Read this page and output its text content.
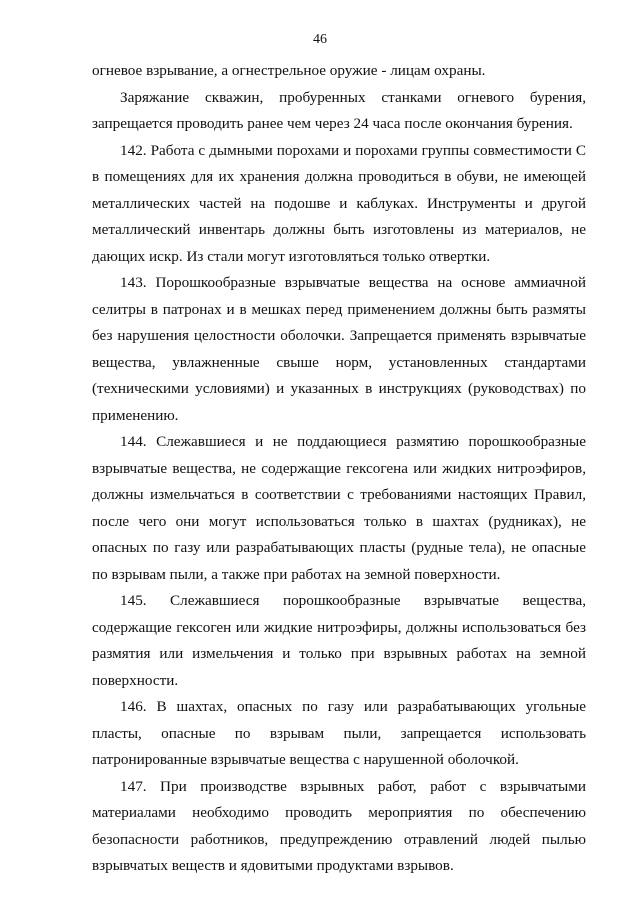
46

огневое взрывание, а огнестрельное оружие - лицам охраны.

Заряжание скважин, пробуренных станками огневого бурения, запрещается проводить ранее чем через 24 часа после окончания бурения.

142. Работа с дымными порохами и порохами группы совместимости С в помещениях для их хранения должна проводиться в обуви, не имеющей металлических частей на подошве и каблуках. Инструменты и другой металлический инвентарь должны быть изготовлены из материалов, не дающих искр. Из стали могут изготовляться только отвертки.

143. Порошкообразные взрывчатые вещества на основе аммиачной селитры в патронах и в мешках перед применением должны быть размяты без нарушения целостности оболочки. Запрещается применять взрывчатые вещества, увлажненные свыше норм, установленных стандартами (техническими условиями) и указанных в инструкциях (руководствах) по применению.

144. Слежавшиеся и не поддающиеся размятию порошкообразные взрывчатые вещества, не содержащие гексогена или жидких нитроэфиров, должны измельчаться в соответствии с требованиями настоящих Правил, после чего они могут использоваться только в шахтах (рудниках), не опасных по газу или разрабатывающих пласты (рудные тела), не опасные по взрывам пыли, а также при работах на земной поверхности.

145. Слежавшиеся порошкообразные взрывчатые вещества, содержащие гексоген или жидкие нитроэфиры, должны использоваться без размятия или измельчения и только при взрывных работах на земной поверхности.

146. В шахтах, опасных по газу или разрабатывающих угольные пласты, опасные по взрывам пыли, запрещается использовать патронированные взрывчатые вещества с нарушенной оболочкой.

147. При производстве взрывных работ, работ с взрывчатыми материалами необходимо проводить мероприятия по обеспечению безопасности работников, предупреждению отравлений людей пылью взрывчатых веществ и ядовитыми продуктами взрывов.
